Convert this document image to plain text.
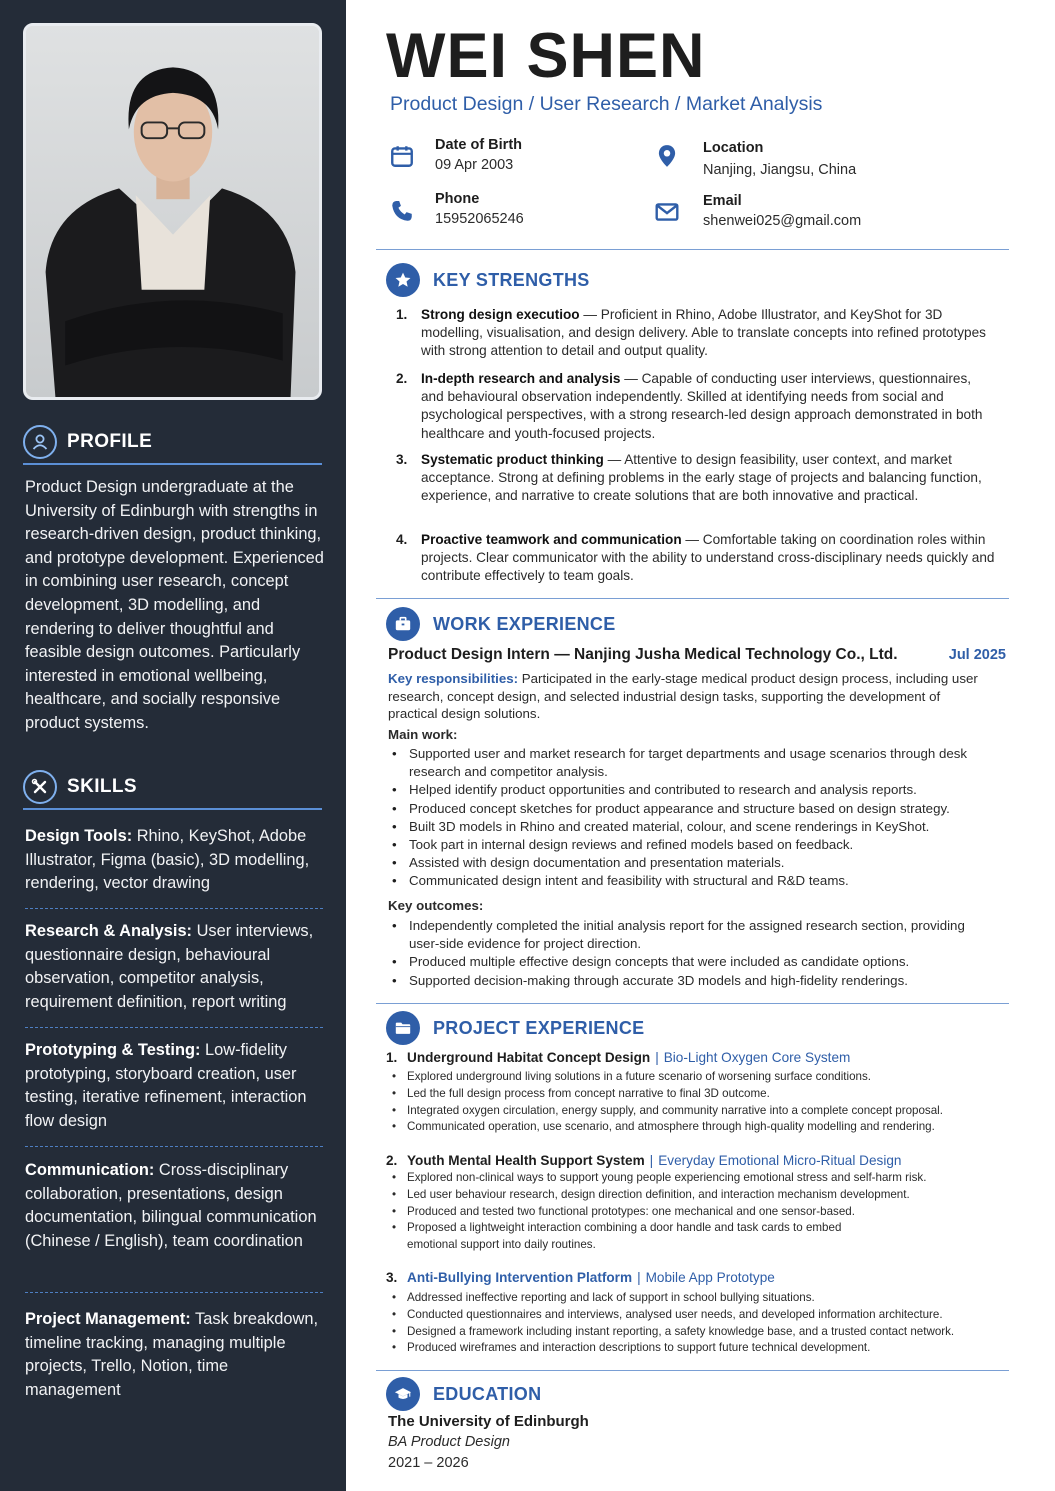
PROFILE
Product Design undergraduate at the University of Edinburgh with strengths in research-driven design, product thinking, and prototype development. Experienced in combining user research, concept development, 3D modelling, and rendering to deliver thoughtful and feasible design outcomes. Particularly interested in emotional wellbeing, healthcare, and socially responsive product systems.
SKILLS
Design Tools: Rhino, KeyShot, Adobe Illustrator, Figma (basic), 3D modelling, rendering, vector drawing
Research & Analysis: User interviews, questionnaire design, behavioural observation, competitor analysis, requirement definition, report writing
Prototyping & Testing: Low-fidelity prototyping, storyboard creation, user testing, iterative refinement, interaction flow design
Communication: Cross-disciplinary collaboration, presentations, design documentation, bilingual communication (Chinese / English), team coordination
Project Management: Task breakdown, timeline tracking, managing multiple projects, Trello, Notion, time management
WEI SHEN
Product Design / User Research / Market Analysis
Date of Birth
09 Apr 2003
Location
Nanjing, Jiangsu, China
Phone
15952065246
Email
shenwei025@gmail.com
KEY STRENGTHS
1.	Strong design executioo — Proficient in Rhino, Adobe Illustrator, and KeyShot for 3D modelling, visualisation, and design delivery. Able to translate concepts into refined prototypes with strong attention to detail and output quality.
2.	In-depth research and analysis — Capable of conducting user interviews, questionnaires, and behavioural observation independently. Skilled at identifying needs from social and psychological perspectives, with a strong research-led design approach demonstrated in both healthcare and youth-focused projects.
3.	Systematic product thinking — Attentive to design feasibility, user context, and market acceptance. Strong at defining problems in the early stage of projects and balancing function, experience, and narrative to create solutions that are both innovative and practical.
4.	Proactive teamwork and communication — Comfortable taking on coordination roles within projects. Clear communicator with the ability to understand cross-disciplinary needs quickly and contribute effectively to team goals.
WORK EXPERIENCE
Product Design Intern — Nanjing Jusha Medical Technology Co., Ltd.	Jul 2025
Key responsibilities: Participated in the early-stage medical product design process, including user research, concept design, and selected industrial design tasks, supporting the development of practical design solutions.
Main work:
• Supported user and market research for target departments and usage scenarios through desk research and competitor analysis.
• Helped identify product opportunities and contributed to research and analysis reports.
• Produced concept sketches for product appearance and structure based on design strategy.
• Built 3D models in Rhino and created material, colour, and scene renderings in KeyShot.
• Took part in internal design reviews and refined models based on feedback.
• Assisted with design documentation and presentation materials.
• Communicated design intent and feasibility with structural and R&D teams.
Key outcomes:
• Independently completed the initial analysis report for the assigned research section, providing user-side evidence for project direction.
• Produced multiple effective design concepts that were included as candidate options.
• Supported decision-making through accurate 3D models and high-fidelity renderings.
PROJECT EXPERIENCE
1. Underground Habitat Concept Design | Bio-Light Oxygen Core System
• Explored underground living solutions in a future scenario of worsening surface conditions.
• Led the full design process from concept narrative to final 3D outcome.
• Integrated oxygen circulation, energy supply, and community narrative into a complete concept proposal.
• Communicated operation, use scenario, and atmosphere through high-quality modelling and rendering.
2. Youth Mental Health Support System | Everyday Emotional Micro-Ritual Design
• Explored non-clinical ways to support young people experiencing emotional stress and self-harm risk.
• Led user behaviour research, design direction definition, and interaction mechanism development.
• Produced and tested two functional prototypes: one mechanical and one sensor-based.
• Proposed a lightweight interaction combining a door handle and task cards to embed emotional support into daily routines.
3. Anti-Bullying Intervention Platform | Mobile App Prototype
• Addressed ineffective reporting and lack of support in school bullying situations.
• Conducted questionnaires and interviews, analysed user needs, and developed information architecture.
• Designed a framework including instant reporting, a safety knowledge base, and a trusted contact network.
• Produced wireframes and interaction descriptions to support future technical development.
EDUCATION
The University of Edinburgh
BA Product Design
2021 – 2026
